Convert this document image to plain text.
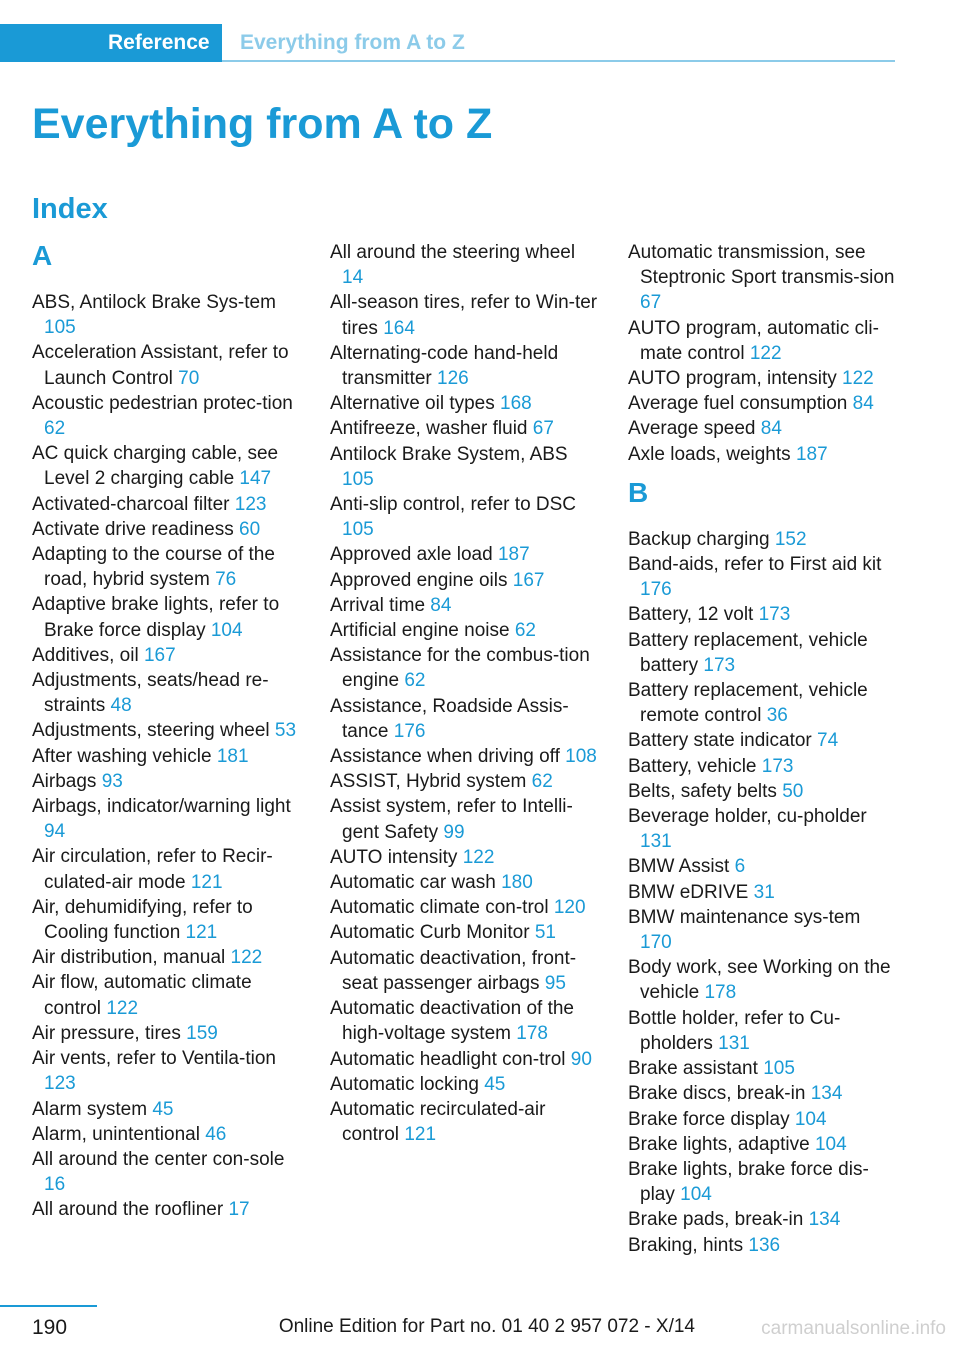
Reference	Everything from A to Z
Everything from A to Z
Index
A
ABS, Antilock Brake Sys-tem 105
Acceleration Assistant, refer to Launch Control 70
Acoustic pedestrian protec-tion 62
AC quick charging cable, see Level 2 charging cable 147
Activated-charcoal filter 123
Activate drive readiness 60
Adapting to the course of the road, hybrid system 76
Adaptive brake lights, refer to Brake force display 104
Additives, oil 167
Adjustments, seats/head re-straints 48
Adjustments, steering wheel 53
After washing vehicle 181
Airbags 93
Airbags, indicator/warning light 94
Air circulation, refer to Recir-culated-air mode 121
Air, dehumidifying, refer to Cooling function 121
Air distribution, manual 122
Air flow, automatic climate control 122
Air pressure, tires 159
Air vents, refer to Ventila-tion 123
Alarm system 45
Alarm, unintentional 46
All around the center con-sole 16
All around the roofliner 17
All around the steering wheel 14
All-season tires, refer to Win-ter tires 164
Alternating-code hand-held transmitter 126
Alternative oil types 168
Antifreeze, washer fluid 67
Antilock Brake System, ABS 105
Anti-slip control, refer to DSC 105
Approved axle load 187
Approved engine oils 167
Arrival time 84
Artificial engine noise 62
Assistance for the combus-tion engine 62
Assistance, Roadside Assis-tance 176
Assistance when driving off 108
ASSIST, Hybrid system 62
Assist system, refer to Intelli-gent Safety 99
AUTO intensity 122
Automatic car wash 180
Automatic climate con-trol 120
Automatic Curb Monitor 51
Automatic deactivation, front-seat passenger airbags 95
Automatic deactivation of the high-voltage system 178
Automatic headlight con-trol 90
Automatic locking 45
Automatic recirculated-air control 121
Automatic transmission, see Steptronic Sport transmis-sion 67
AUTO program, automatic cli-mate control 122
AUTO program, intensity 122
Average fuel consumption 84
Average speed 84
Axle loads, weights 187
B
Backup charging 152
Band-aids, refer to First aid kit 176
Battery, 12 volt 173
Battery replacement, vehicle battery 173
Battery replacement, vehicle remote control 36
Battery state indicator 74
Battery, vehicle 173
Belts, safety belts 50
Beverage holder, cu-pholder 131
BMW Assist 6
BMW eDRIVE 31
BMW maintenance sys-tem 170
Body work, see Working on the vehicle 178
Bottle holder, refer to Cu-pholders 131
Brake assistant 105
Brake discs, break-in 134
Brake force display 104
Brake lights, adaptive 104
Brake lights, brake force dis-play 104
Brake pads, break-in 134
Braking, hints 136
190	Online Edition for Part no. 01 40 2 957 072 - X/14	carmanualsonline.info
